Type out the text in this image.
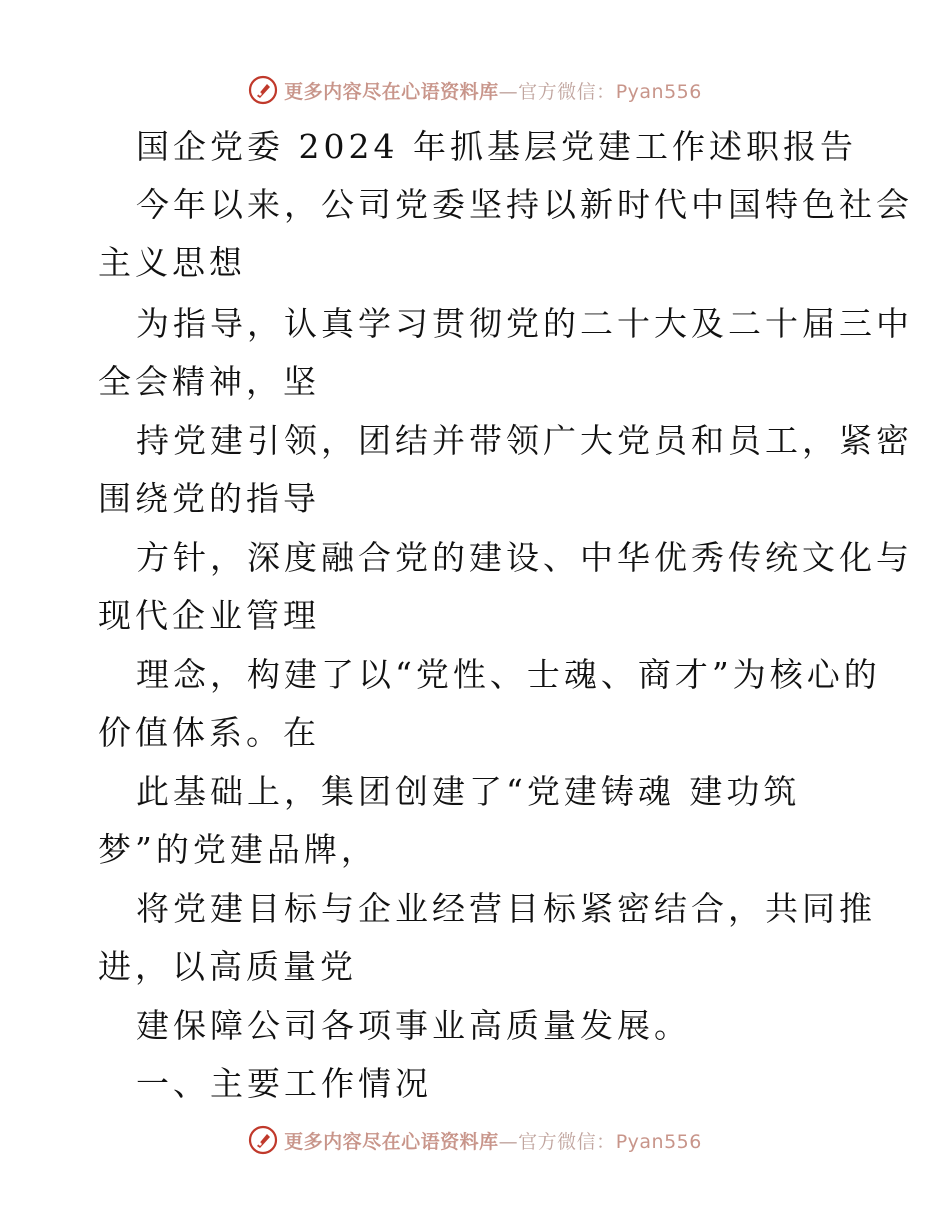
更多内容尽在心语资料库—官方微信：Pyan556
国企党委 2024 年抓基层党建工作述职报告
今年以来，公司党委坚持以新时代中国特色社会
主义思想
为指导，认真学习贯彻党的二十大及二十届三中
全会精神，坚
持党建引领，团结并带领广大党员和员工，紧密
围绕党的指导
方针，深度融合党的建设、中华优秀传统文化与
现代企业管理
理念，构建了以“党性、士魂、商才”为核心的
价值体系。在
此基础上，集团创建了“党建铸魂 建功筑
梦”的党建品牌，
将党建目标与企业经营目标紧密结合，共同推
进，以高质量党
建保障公司各项事业高质量发展。
一、主要工作情况
更多内容尽在心语资料库—官方微信：Pyan556
